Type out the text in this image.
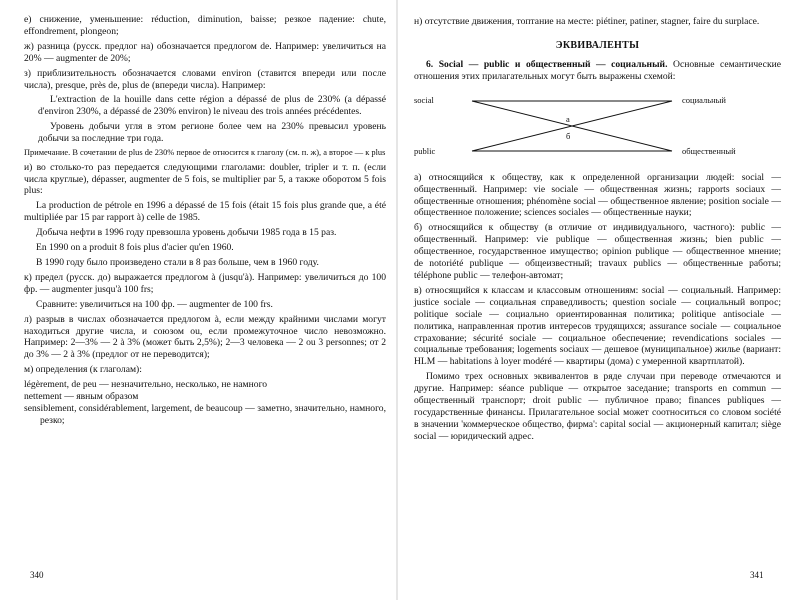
е) снижение, уменьшение: réduction, diminution, baisse; резкое падение: chute, effondrement, plongeon;

ж) разница (русск. предлог на) обозначается предлогом de. Например: увеличиться на 20% — augmenter de 20%;

з) приблизительность обозначается словами environ (ставится впереди или после числа), presque, près de, plus de (впереди числа). Например:

L'extraction de la houille dans cette région a dépassé de plus de 230% (а dépassé d'environ 230%, а dépassé de 230% environ) le niveau des trois années précédentes.

Уровень добычи угля в этом регионе более чем на 230% превысил уровень добычи за последние три года.

Примечание. В сочетании de plus de 230% первое de относится к глаголу (см. п. ж), а второе — к plus

и) во столько-то раз передается следующими глаголами: doubler, tripler и т. п. (если числа круглые), dépasser, augmenter de 5 fois, se multiplier par 5, а также оборотом 5 fois plus:

La production de pétrole en 1996 а dépassé de 15 fois (était 15 fois plus grande que, а été multipliée par 15 par rapport à) celle de 1985.

Добыча нефти в 1996 году превзошла уровень добычи 1985 года в 15 раз.

En 1990 on a produit 8 fois plus d'acier qu'en 1960.

В 1990 году было произведено стали в 8 раз больше, чем в 1960 году.

к) предел (русск. до) выражается предлогом à (jusqu'à). Например: увеличиться до 100 фр. — augmenter jusqu'à 100 frs;

Сравните: увеличиться на 100 фр. — augmenter de 100 frs.

л) разрыв в числах обозначается предлогом à, если между крайними числами могут находиться другие числа, и союзом ou, если промежуточное число невозможно. Например: 2—3% — 2 à 3% (может быть 2,5%); 2—3 человека — 2 ou 3 personnes; от 2 до 3% — 2 à 3% (предлог от не переводится);

м) определения (к глаголам):

légèrement, de peu — незначительно, несколько, не намного

nettement — явным образом

sensiblement, considérablement, largement, de beaucoup — заметно, значительно, намного, резко;

н) отсутствие движения, топтание на месте: piétiner, patiner, stagner, faire du surplace.

ЭКВИВАЛЕНТЫ

6. Social — public и общественный — социальный. Основные семантические отношения этих прилагательных могут быть выражены схемой:

social
public
социальный
общественный
а
б

а) относящийся к обществу, как к определенной организации людей: social — общественный. Например: vie sociale — общественная жизнь; rapports sociaux — общественные отношения; phénomène social — общественное явление; position sociale — общественное положение; sciences sociales — общественные науки;

б) относящийся к обществу (в отличие от индивидуального, частного): public — общественный. Например: vie publique — общественная жизнь; bien public — общественное, государственное имущество; opinion publique — общественное мнение; de notoriété publique — общеизвестный; travaux publics — общественные работы; téléphone public — телефон-автомат;

в) относящийся к классам и классовым отношениям: social — социальный. Например: justice sociale — социальная справедливость; question sociale — социальный вопрос; politique sociale — социально ориентированная политика; politique antisociale — политика, направленная против интересов трудящихся; assurance sociale — социальное страхование; sécurité sociale — социальное обеспечение; revendications sociales — социальные требования; logements sociaux — дешевое (муниципальное) жилье (вариант: HLM — habitations à loyer modéré — квартиры (дома) с умеренной квартплатой).

Помимо трех основных эквивалентов в ряде случаи при переводе отмечаются и другие. Например: séance publique — открытое заседание; transports en commun — общественный транспорт; droit public — публичное право; finances publiques — государственные финансы. Прилагательное social может соотноситься со словом société в значении 'коммерческое общество, фирма': capital social — акционерный капитал; siège social — юридический адрес.

340	341
